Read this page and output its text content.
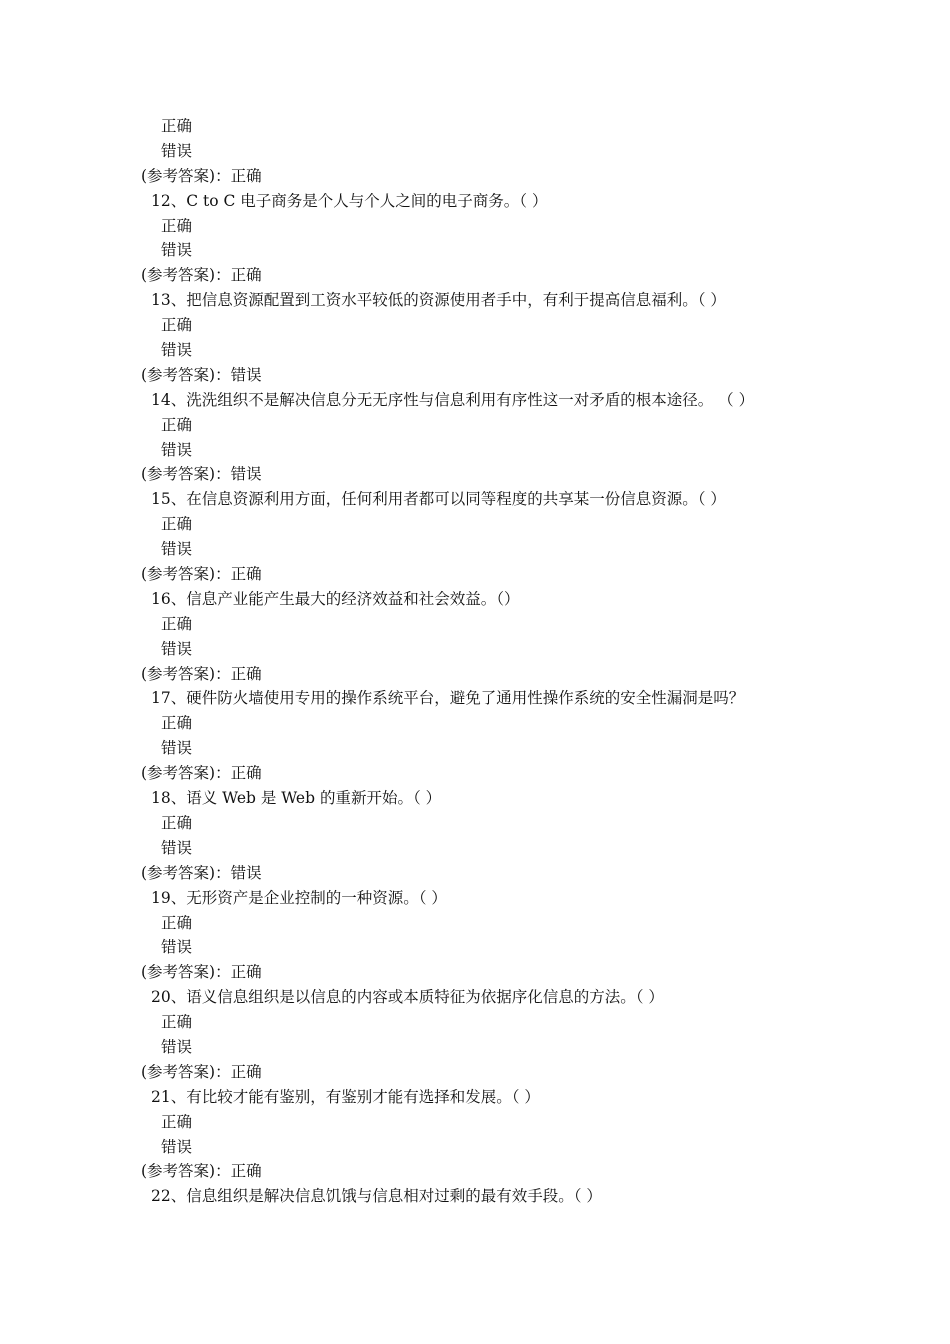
正确
错误
(参考答案)：正确
12、C to C 电子商务是个人与个人之间的电子商务。（ ）
正确
错误
(参考答案)：正确
13、把信息资源配置到工资水平较低的资源使用者手中，有利于提高信息福利。（ ）
正确
错误
(参考答案)：错误
14、洗洗组织不是解决信息分无无序性与信息利用有序性这一对矛盾的根本途径。 （ ）
正确
错误
(参考答案)：错误
15、在信息资源利用方面，任何利用者都可以同等程度的共享某一份信息资源。（ ）
正确
错误
(参考答案)：正确
16、信息产业能产生最大的经济效益和社会效益。（）
正确
错误
(参考答案)：正确
17、硬件防火墙使用专用的操作系统平台，避免了通用性操作系统的安全性漏洞是吗？
正确
错误
(参考答案)：正确
18、语义 Web 是 Web 的重新开始。（ ）
正确
错误
(参考答案)：错误
19、无形资产是企业控制的一种资源。（ ）
正确
错误
(参考答案)：正确
20、语义信息组织是以信息的内容或本质特征为依据序化信息的方法。（ ）
正确
错误
(参考答案)：正确
21、有比较才能有鉴别，有鉴别才能有选择和发展。（ ）
正确
错误
(参考答案)：正确
22、信息组织是解决信息饥饿与信息相对过剩的最有效手段。（ ）
